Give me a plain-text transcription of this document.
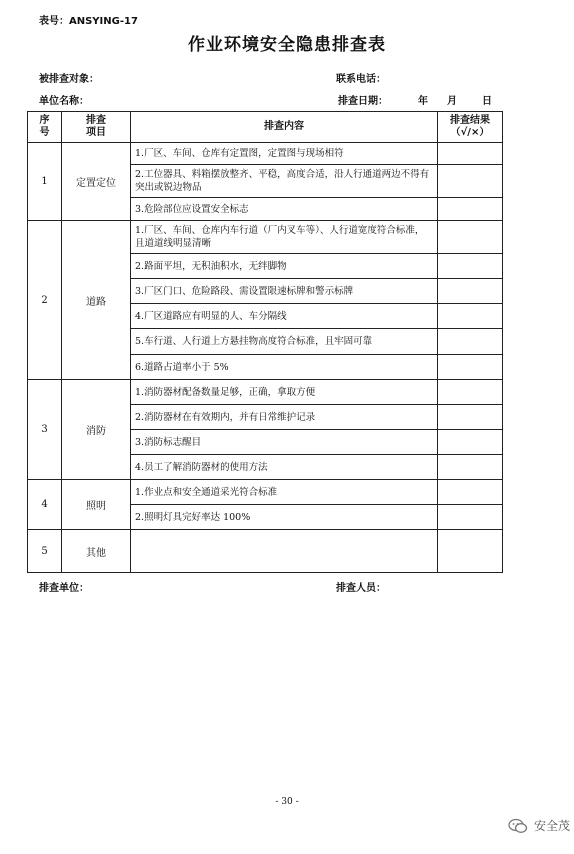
表号：ANSYING-17
作业环境安全隐患排查表
被排查对象：	联系电话：
单位名称：	排查日期：	年 月	日
序号	排查项目	排查内容	排查结果（√/×）
1	定置定位	1.厂区、车间、仓库有定置图，定置图与现场相符	
		2.工位器具、料箱摆放整齐、平稳，高度合适，沿人行通道两边不得有突出或锐边物品	
		3.危险部位应设置安全标志	
2	道路	1.厂区、车间、仓库内车行道（厂内叉车等）、人行道宽度符合标准，且道道线明显清晰	
		2.路面平坦，无积油积水，无绊脚物	
		3.厂区门口、危险路段、需设置限速标牌和警示标牌	
		4.厂区道路应有明显的人、车分隔线	
		5.车行道、人行道上方悬挂物高度符合标准，且牢固可靠	
		6.道路占道率小于 5%	
3	消防	1.消防器材配备数量足够，正确，拿取方便	
		2.消防器材在有效期内，并有日常维护记录	
		3.消防标志醒目	
		4.员工了解消防器材的使用方法	
4	照明	1.作业点和安全通道采光符合标准	
		2.照明灯具完好率达 100%	
5	其他		
排查单位：	排查人员：
- 30 -
安全茂
